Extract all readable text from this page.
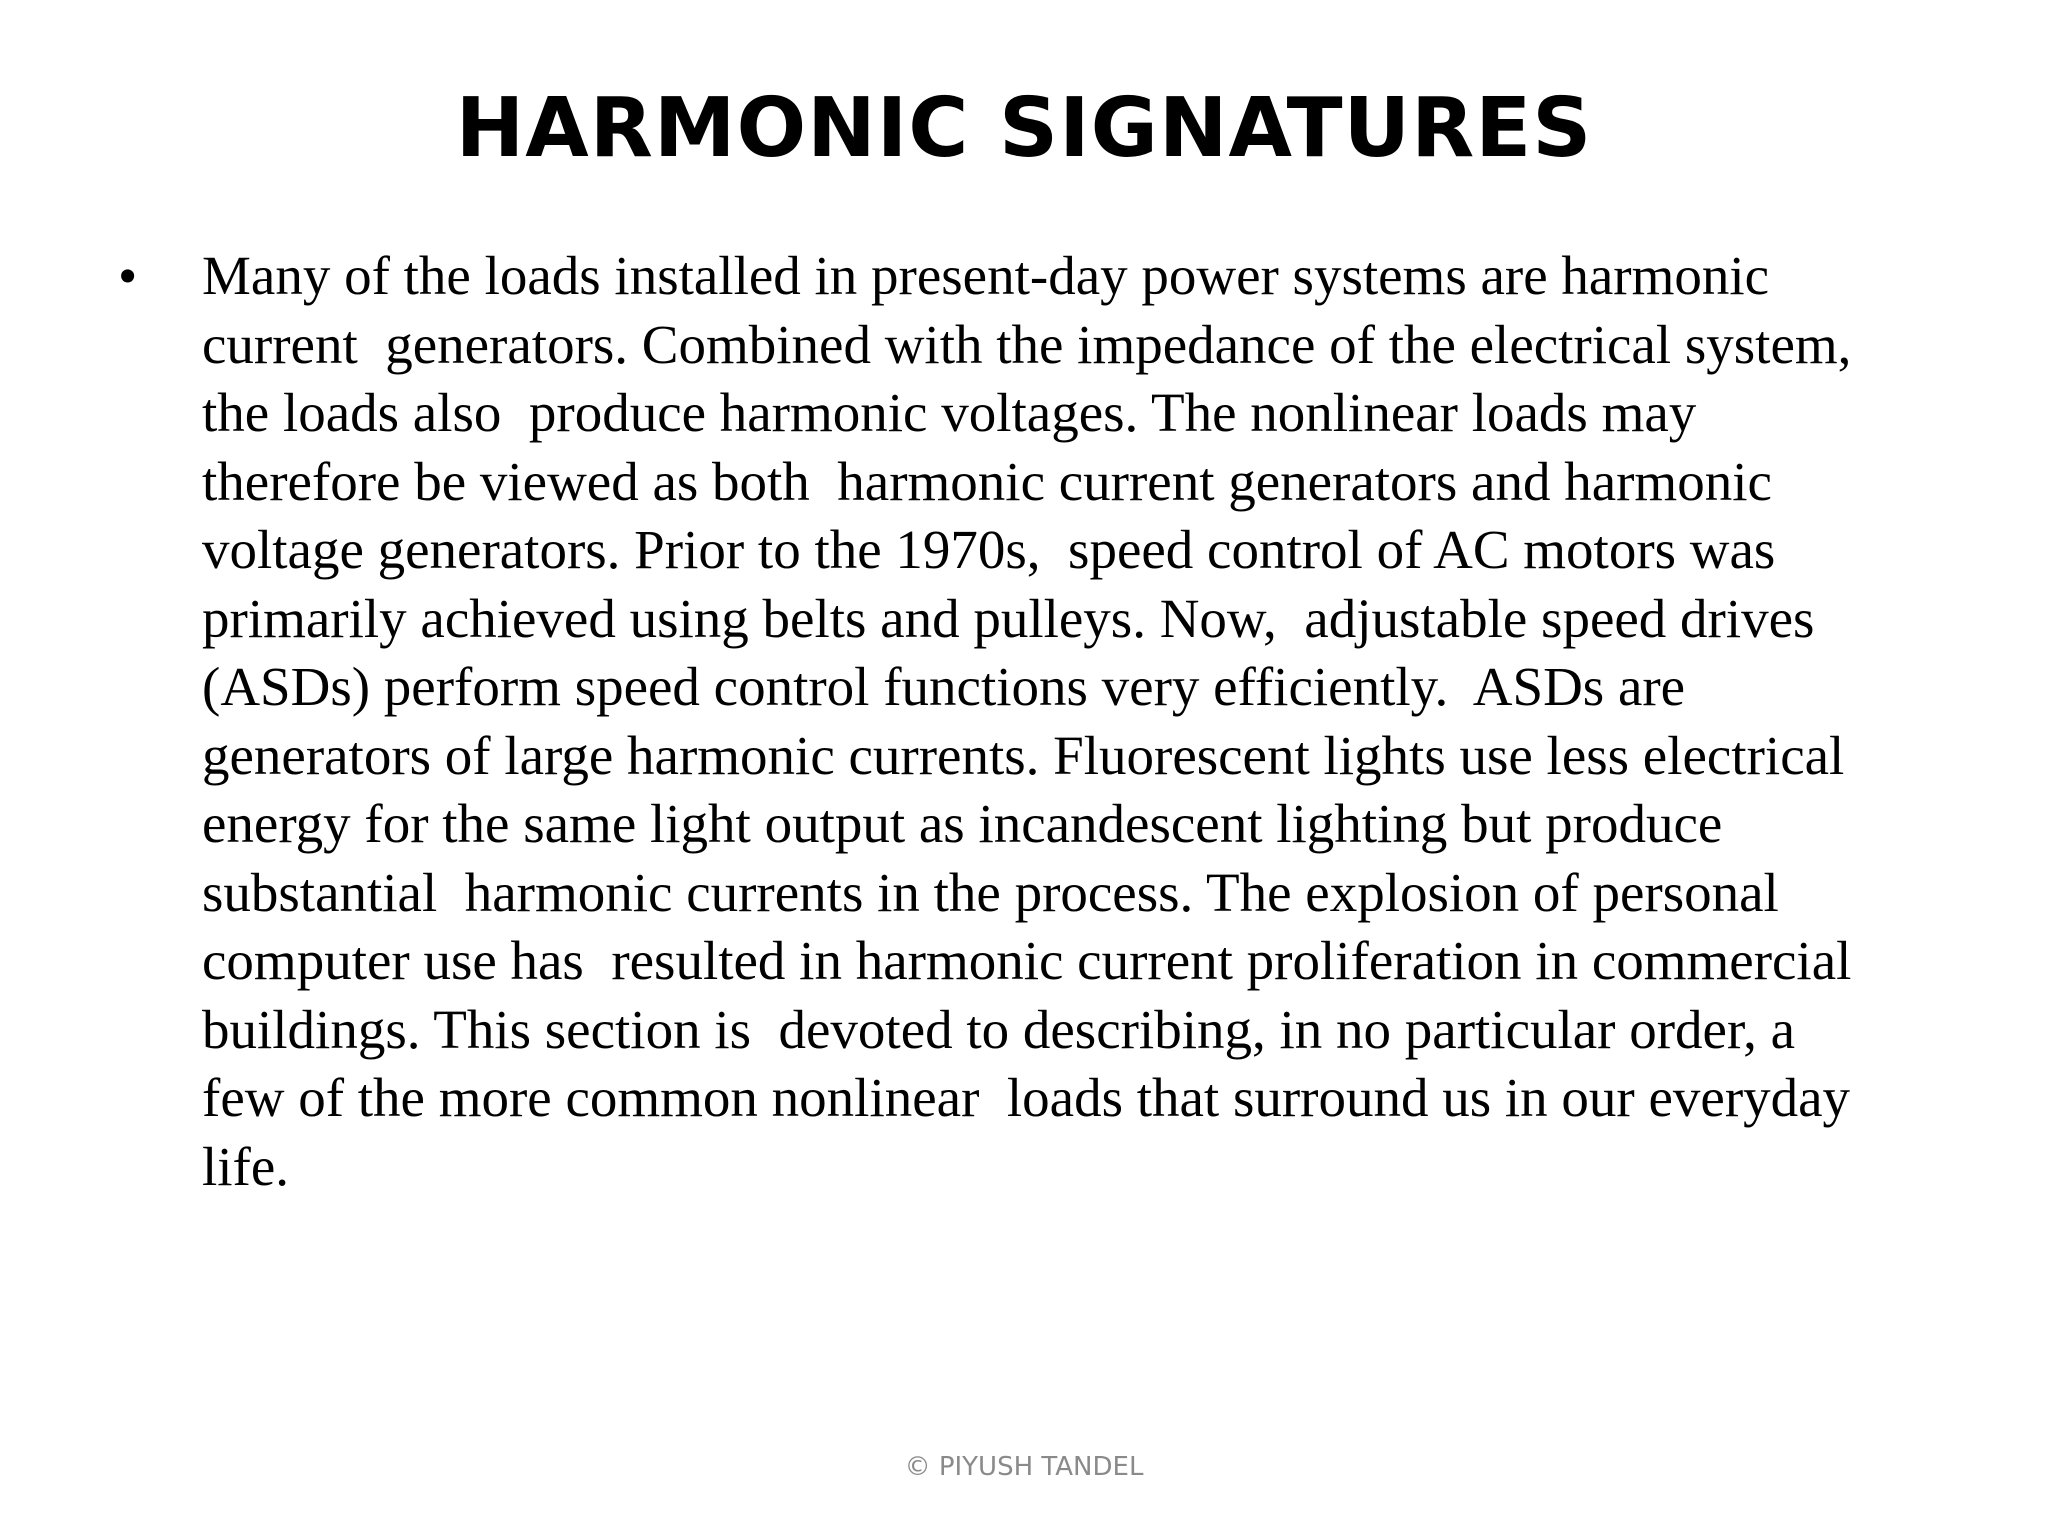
HARMONIC SIGNATURES
•	Many of the loads installed in present-day power systems are harmonic
current  generators. Combined with the impedance of the electrical system,
the loads also  produce harmonic voltages. The nonlinear loads may
therefore be viewed as both  harmonic current generators and harmonic
voltage generators. Prior to the 1970s,  speed control of AC motors was
primarily achieved using belts and pulleys. Now,  adjustable speed drives
(ASDs) perform speed control functions very efficiently.  ASDs are
generators of large harmonic currents. Fluorescent lights use less electrical
energy for the same light output as incandescent lighting but produce
substantial  harmonic currents in the process. The explosion of personal
computer use has  resulted in harmonic current proliferation in commercial
buildings. This section is  devoted to describing, in no particular order, a
few of the more common nonlinear  loads that surround us in our everyday
life.

© PIYUSH TANDEL
